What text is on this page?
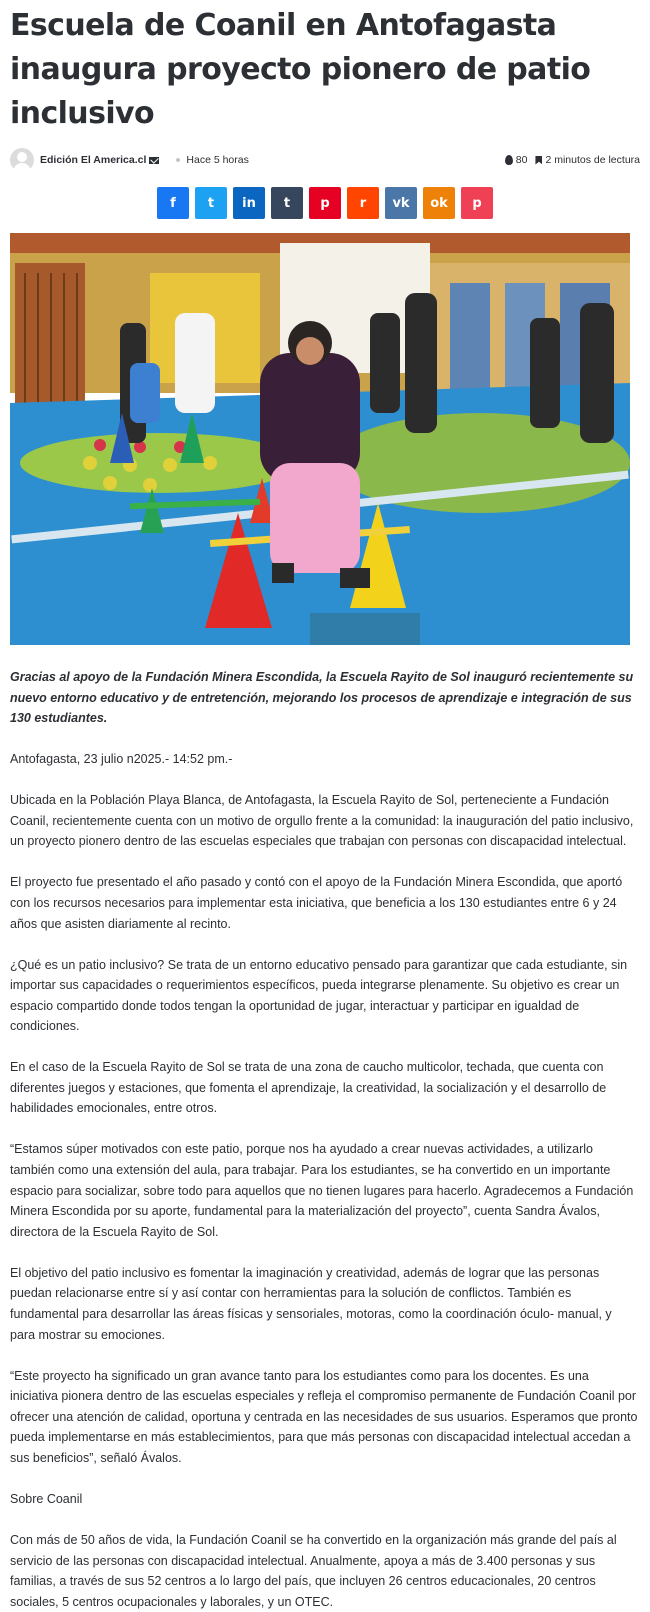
Escuela de Coanil en Antofagasta inaugura proyecto pionero de patio inclusivo
Edición El America.cl	Hace 5 horas	80 2 minutos de lectura
f t in t p r vk ok p

Gracias al apoyo de la Fundación Minera Escondida, la Escuela Rayito de Sol inauguró recientemente su nuevo entorno educativo y de entretención, mejorando los procesos de aprendizaje e integración de sus 130 estudiantes.

Antofagasta, 23 julio n2025.- 14:52 pm.-

Ubicada en la Población Playa Blanca, de Antofagasta, la Escuela Rayito de Sol, perteneciente a Fundación Coanil, recientemente cuenta con un motivo de orgullo frente a la comunidad: la inauguración del patio inclusivo, un proyecto pionero dentro de las escuelas especiales que trabajan con personas con discapacidad intelectual.

El proyecto fue presentado el año pasado y contó con el apoyo de la Fundación Minera Escondida, que aportó con los recursos necesarios para implementar esta iniciativa, que beneficia a los 130 estudiantes entre 6 y 24 años que asisten diariamente al recinto.

¿Qué es un patio inclusivo? Se trata de un entorno educativo pensado para garantizar que cada estudiante, sin importar sus capacidades o requerimientos específicos, pueda integrarse plenamente. Su objetivo es crear un espacio compartido donde todos tengan la oportunidad de jugar, interactuar y participar en igualdad de condiciones.

En el caso de la Escuela Rayito de Sol se trata de una zona de caucho multicolor, techada, que cuenta con diferentes juegos y estaciones, que fomenta el aprendizaje, la creatividad, la socialización y el desarrollo de habilidades emocionales, entre otros.

“Estamos súper motivados con este patio, porque nos ha ayudado a crear nuevas actividades, a utilizarlo también como una extensión del aula, para trabajar. Para los estudiantes, se ha convertido en un importante espacio para socializar, sobre todo para aquellos que no tienen lugares para hacerlo. Agradecemos a Fundación Minera Escondida por su aporte, fundamental para la materialización del proyecto”, cuenta Sandra Ávalos, directora de la Escuela Rayito de Sol.

El objetivo del patio inclusivo es fomentar la imaginación y creatividad, además de lograr que las personas puedan relacionarse entre sí y así contar con herramientas para la solución de conflictos. También es fundamental para desarrollar las áreas físicas y sensoriales, motoras, como la coordinación óculo- manual, y para mostrar su emociones.

“Este proyecto ha significado un gran avance tanto para los estudiantes como para los docentes. Es una iniciativa pionera dentro de las escuelas especiales y refleja el compromiso permanente de Fundación Coanil por ofrecer una atención de calidad, oportuna y centrada en las necesidades de sus usuarios. Esperamos que pronto pueda implementarse en más establecimientos, para que más personas con discapacidad intelectual accedan a sus beneficios”, señaló Ávalos.

Sobre Coanil

Con más de 50 años de vida, la Fundación Coanil se ha convertido en la organización más grande del país al servicio de las personas con discapacidad intelectual. Anualmente, apoya a más de 3.400 personas y sus familias, a través de sus 52 centros a lo largo del país, que incluyen 26 centros educacionales, 20 centros sociales, 5 centros ocupacionales y laborales, y un OTEC.
